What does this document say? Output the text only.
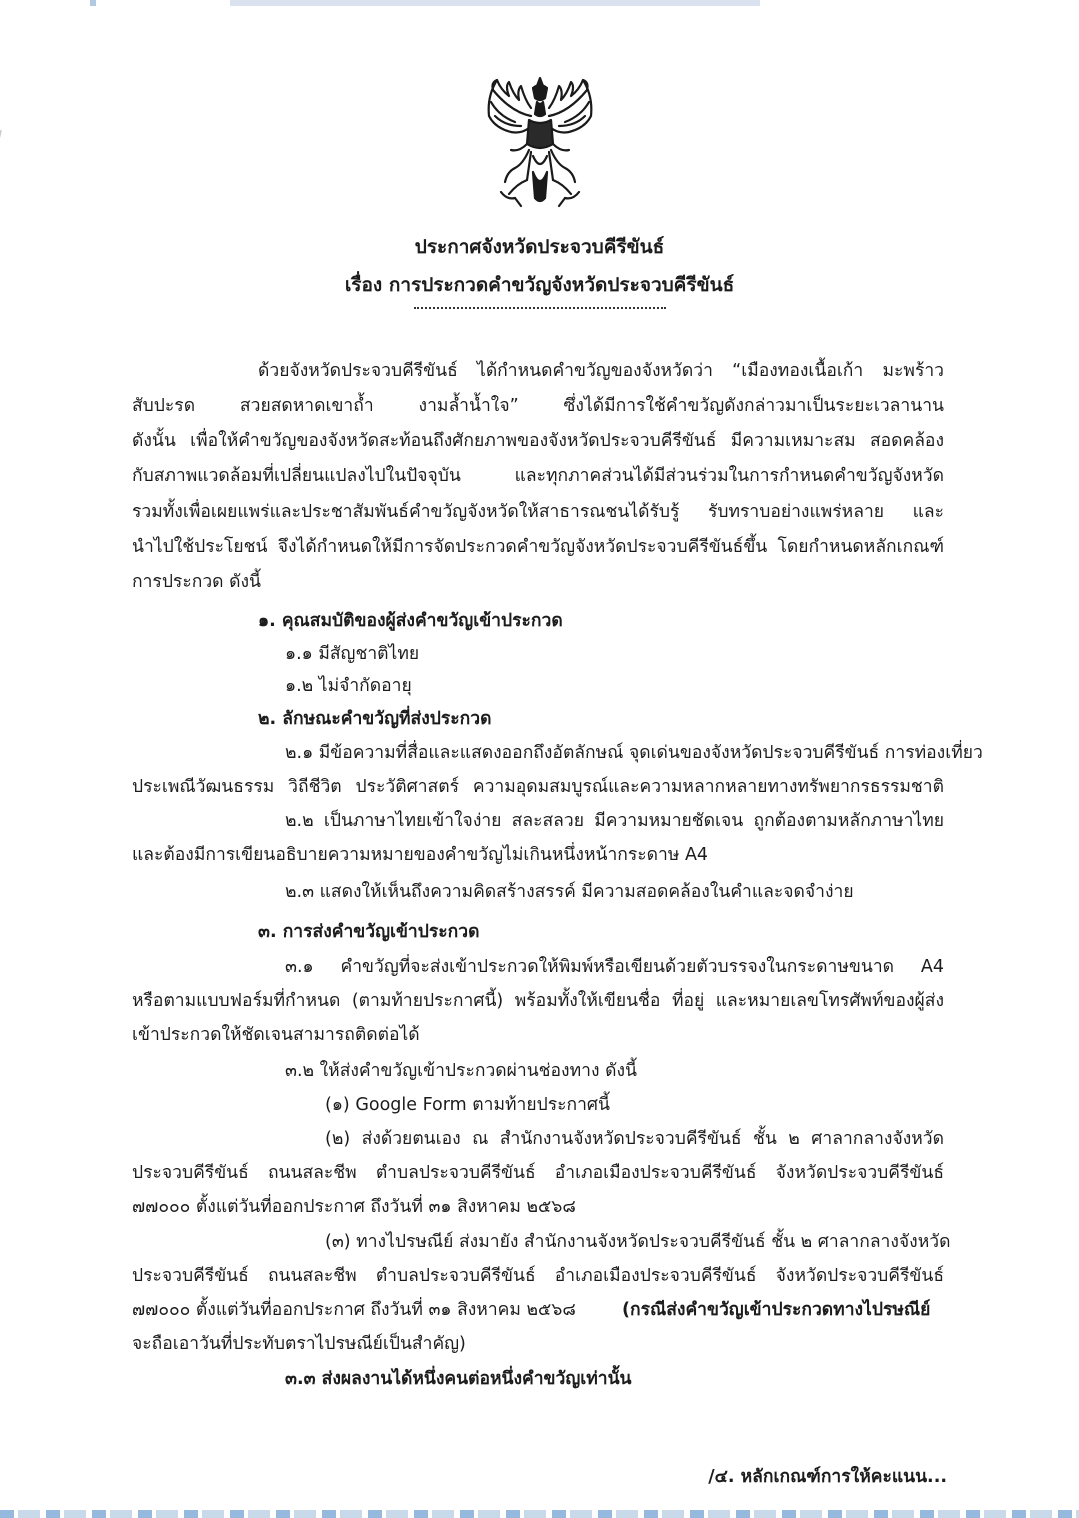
ประกาศจังหวัดประจวบคีรีขันธ์
เรื่อง การประกวดคำขวัญจังหวัดประจวบคีรีขันธ์
ด้วยจังหวัดประจวบคีรีขันธ์ ได้กำหนดคำขวัญของจังหวัดว่า “เมืองทองเนื้อเก้า มะพร้าว
สับปะรด สวยสดหาดเขาถ้ำ งามล้ำน้ำใจ” ซึ่งได้มีการใช้คำขวัญดังกล่าวมาเป็นระยะเวลานาน
ดังนั้น เพื่อให้คำขวัญของจังหวัดสะท้อนถึงศักยภาพของจังหวัดประจวบคีรีขันธ์ มีความเหมาะสม สอดคล้อง
กับสภาพแวดล้อมที่เปลี่ยนแปลงไปในปัจจุบัน และทุกภาคส่วนได้มีส่วนร่วมในการกำหนดคำขวัญจังหวัด
รวมทั้งเพื่อเผยแพร่และประชาสัมพันธ์คำขวัญจังหวัดให้สาธารณชนได้รับรู้ รับทราบอย่างแพร่หลาย และ
นำไปใช้ประโยชน์ จึงได้กำหนดให้มีการจัดประกวดคำขวัญจังหวัดประจวบคีรีขันธ์ขึ้น โดยกำหนดหลักเกณฑ์
การประกวด ดังนี้
๑. คุณสมบัติของผู้ส่งคำขวัญเข้าประกวด
๑.๑ มีสัญชาติไทย
๑.๒ ไม่จำกัดอายุ
๒. ลักษณะคำขวัญที่ส่งประกวด
๒.๑ มีข้อความที่สื่อและแสดงออกถึงอัตลักษณ์ จุดเด่นของจังหวัดประจวบคีรีขันธ์ การท่องเที่ยว
ประเพณีวัฒนธรรม วิถีชีวิต ประวัติศาสตร์ ความอุดมสมบูรณ์และความหลากหลายทางทรัพยากรธรรมชาติ
๒.๒ เป็นภาษาไทยเข้าใจง่าย สละสลวย มีความหมายชัดเจน ถูกต้องตามหลักภาษาไทย
และต้องมีการเขียนอธิบายความหมายของคำขวัญไม่เกินหนึ่งหน้ากระดาษ A4
๒.๓ แสดงให้เห็นถึงความคิดสร้างสรรค์ มีความสอดคล้องในคำและจดจำง่าย
๓. การส่งคำขวัญเข้าประกวด
๓.๑ คำขวัญที่จะส่งเข้าประกวดให้พิมพ์หรือเขียนด้วยตัวบรรจงในกระดาษขนาด A4
หรือตามแบบฟอร์มที่กำหนด (ตามท้ายประกาศนี้) พร้อมทั้งให้เขียนชื่อ ที่อยู่ และหมายเลขโทรศัพท์ของผู้ส่ง
เข้าประกวดให้ชัดเจนสามารถติดต่อได้
๓.๒ ให้ส่งคำขวัญเข้าประกวดผ่านช่องทาง ดังนี้
(๑) Google Form ตามท้ายประกาศนี้
(๒) ส่งด้วยตนเอง ณ สำนักงานจังหวัดประจวบคีรีขันธ์ ชั้น ๒ ศาลากลางจังหวัด
ประจวบคีรีขันธ์ ถนนสละชีพ ตำบลประจวบคีรีขันธ์ อำเภอเมืองประจวบคีรีขันธ์ จังหวัดประจวบคีรีขันธ์
๗๗๐๐๐ ตั้งแต่วันที่ออกประกาศ ถึงวันที่ ๓๑ สิงหาคม ๒๕๖๘
(๓) ทางไปรษณีย์ ส่งมายัง สำนักงานจังหวัดประจวบคีรีขันธ์ ชั้น ๒ ศาลากลางจังหวัด
ประจวบคีรีขันธ์ ถนนสละชีพ ตำบลประจวบคีรีขันธ์ อำเภอเมืองประจวบคีรีขันธ์ จังหวัดประจวบคีรีขันธ์
๗๗๐๐๐ ตั้งแต่วันที่ออกประกาศ ถึงวันที่ ๓๑ สิงหาคม ๒๕๖๘	(กรณีส่งคำขวัญเข้าประกวดทางไปรษณีย์
จะถือเอาวันที่ประทับตราไปรษณีย์เป็นสำคัญ)
๓.๓ ส่งผลงานได้หนึ่งคนต่อหนึ่งคำขวัญเท่านั้น
/๔. หลักเกณฑ์การให้คะแนน...
